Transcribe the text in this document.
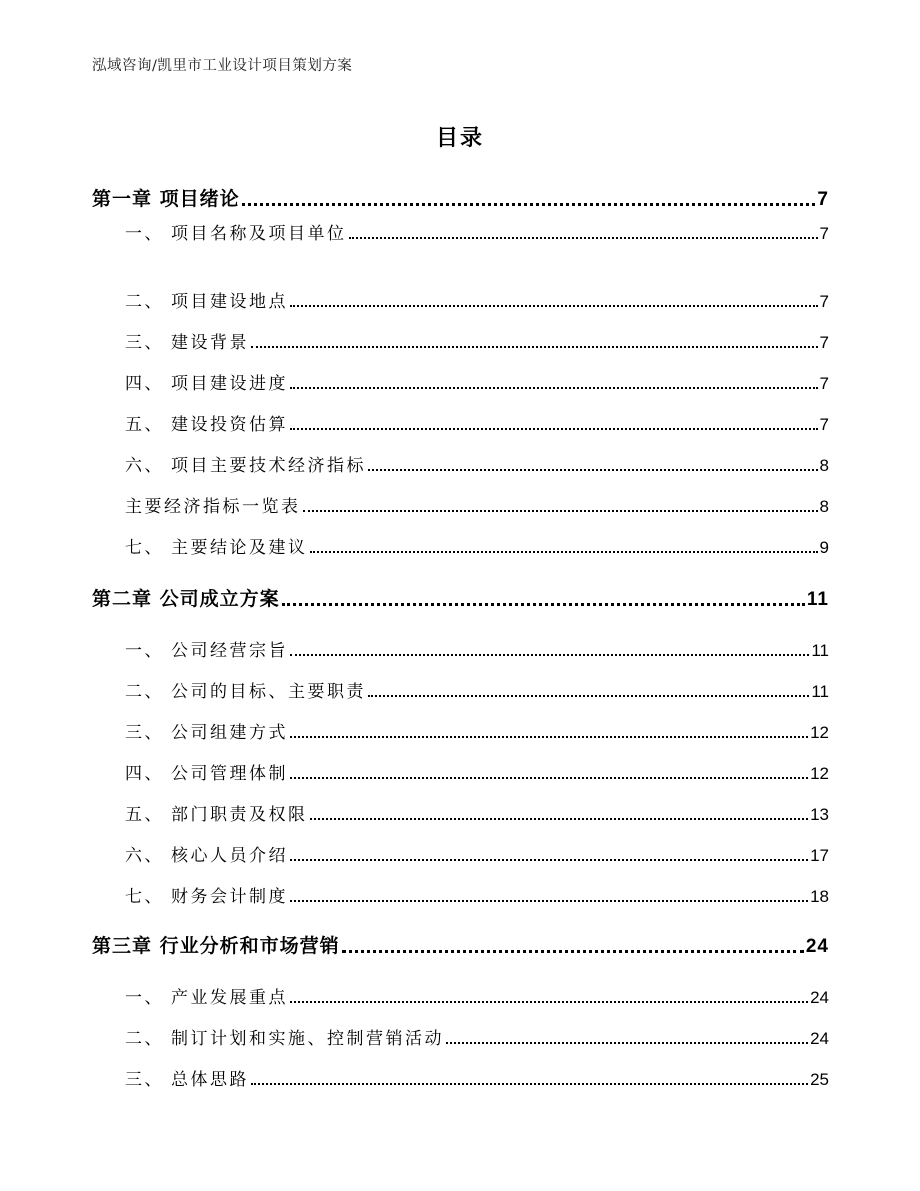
泓域咨询/凯里市工业设计项目策划方案
目录
第一章 项目绪论	7
一、 项目名称及项目单位	7
二、 项目建设地点	7
三、 建设背景	7
四、 项目建设进度	7
五、 建设投资估算	7
六、 项目主要技术经济指标	8
主要经济指标一览表	8
七、 主要结论及建议	9
第二章 公司成立方案	11
一、 公司经营宗旨	11
二、 公司的目标、主要职责	11
三、 公司组建方式	12
四、 公司管理体制	12
五、 部门职责及权限	13
六、 核心人员介绍	17
七、 财务会计制度	18
第三章 行业分析和市场营销	24
一、 产业发展重点	24
二、 制订计划和实施、控制营销活动	24
三、 总体思路	25
